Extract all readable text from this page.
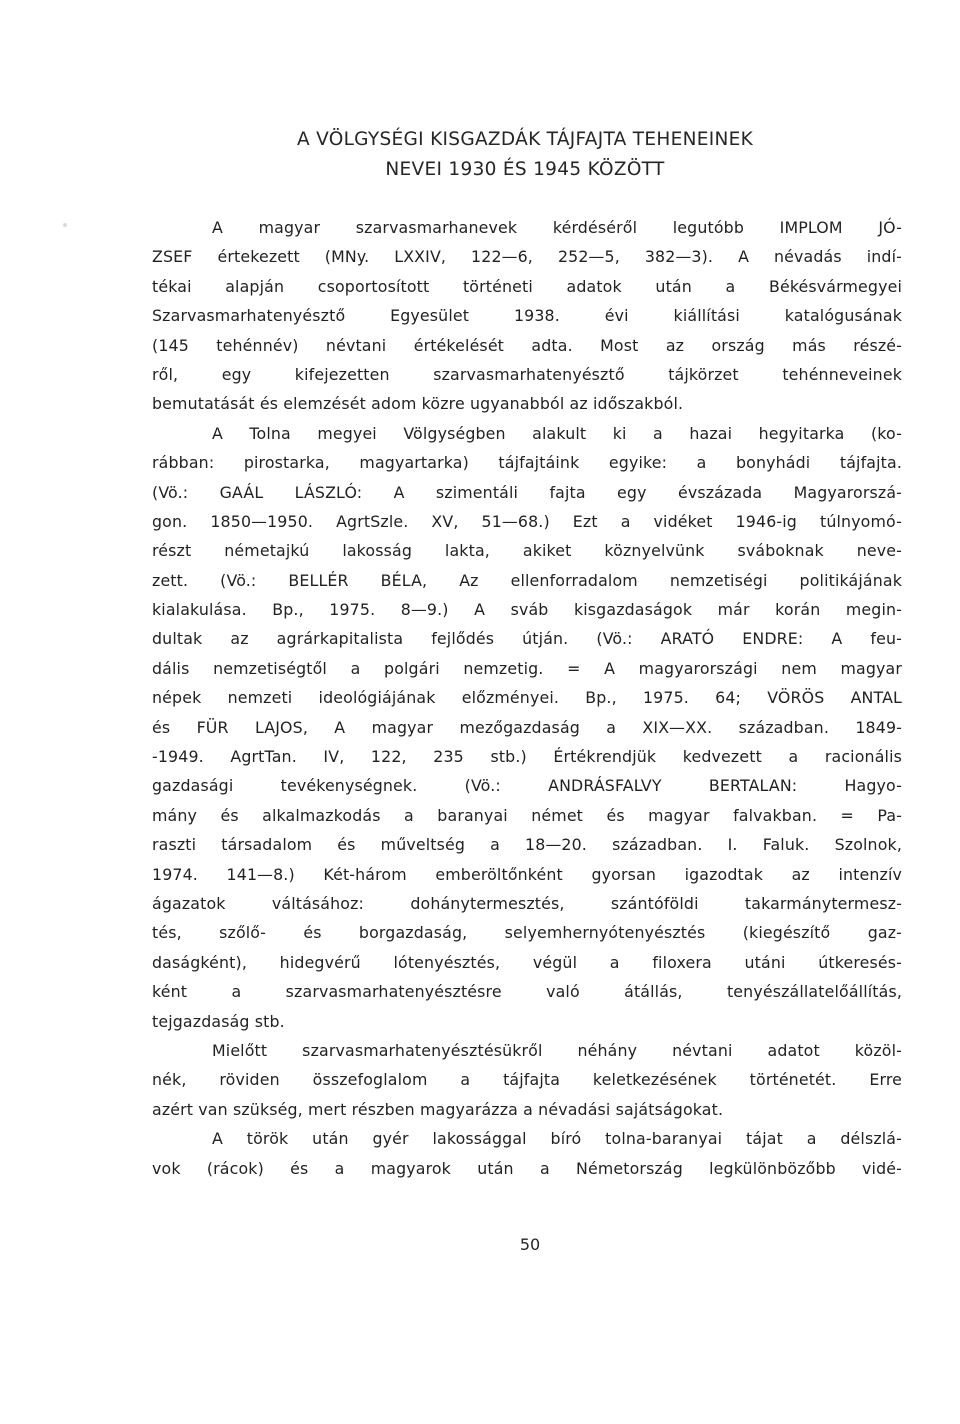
A VÖLGYSÉGI KISGAZDÁK TÁJFAJTA TEHENEINEK
NEVEI 1930 ÉS 1945 KÖZÖTT
A magyar szarvasmarhanevek kérdéséről legutóbb IMPLOM JÓ-
ZSEF értekezett (MNy. LXXIV, 122—6, 252—5, 382—3). A névadás indí-
tékai alapján csoportosított történeti adatok után a Békésvármegyei
Szarvasmarhatenyésztő Egyesület 1938. évi kiállítási katalógusának
(145 tehénnév) névtani értékelését adta. Most az ország más részé-
ről, egy kifejezetten szarvasmarhatenyésztő tájkörzet tehénneveinek
bemutatását és elemzését adom közre ugyanabból az időszakból.
A Tolna megyei Völgységben alakult ki a hazai hegyitarka (ko-
rábban: pirostarka, magyartarka) tájfajtáink egyike: a bonyhádi tájfajta.
(Vö.: GAÁL LÁSZLÓ: A szimentáli fajta egy évszázada Magyarorszá-
gon. 1850—1950. AgrtSzle. XV, 51—68.) Ezt a vidéket 1946-ig túlnyomó-
részt németajkú lakosság lakta, akiket köznyelvünk sváboknak neve-
zett. (Vö.: BELLÉR BÉLA, Az ellenforradalom nemzetiségi politikájának
kialakulása. Bp., 1975. 8—9.) A sváb kisgazdaságok már korán megin-
dultak az agrárkapitalista fejlődés útján. (Vö.: ARATÓ ENDRE: A feu-
dális nemzetiségtől a polgári nemzetig. = A magyarországi nem magyar
népek nemzeti ideológiájának előzményei. Bp., 1975. 64; VÖRÖS ANTAL
és FÜR LAJOS, A magyar mezőgazdaság a XIX—XX. században. 1849-
-1949. AgrtTan. IV, 122, 235 stb.) Értékrendjük kedvezett a racionális
gazdasági tevékenységnek. (Vö.: ANDRÁSFALVY BERTALAN: Hagyo-
mány és alkalmazkodás a baranyai német és magyar falvakban. = Pa-
raszti társadalom és műveltség a 18—20. században. I. Faluk. Szolnok,
1974. 141—8.) Két-három emberöltőnként gyorsan igazodtak az intenzív
ágazatok váltásához: dohánytermesztés, szántóföldi takarmánytermesz-
tés, szőlő- és borgazdaság, selyemhernyótenyésztés (kiegészítő gaz-
daságként), hidegvérű lótenyésztés, végül a filoxera utáni útkeresés-
ként a szarvasmarhatenyésztésre való átállás, tenyészállatelőállítás,
tejgazdaság stb.
Mielőtt szarvasmarhatenyésztésükről néhány névtani adatot közöl-
nék, röviden összefoglalom a tájfajta keletkezésének történetét. Erre
azért van szükség, mert részben magyarázza a névadási sajátságokat.
A török után gyér lakossággal bíró tolna-baranyai tájat a délszlá-
vok (rácok) és a magyarok után a Németország legkülönbözőbb vidé-
50
